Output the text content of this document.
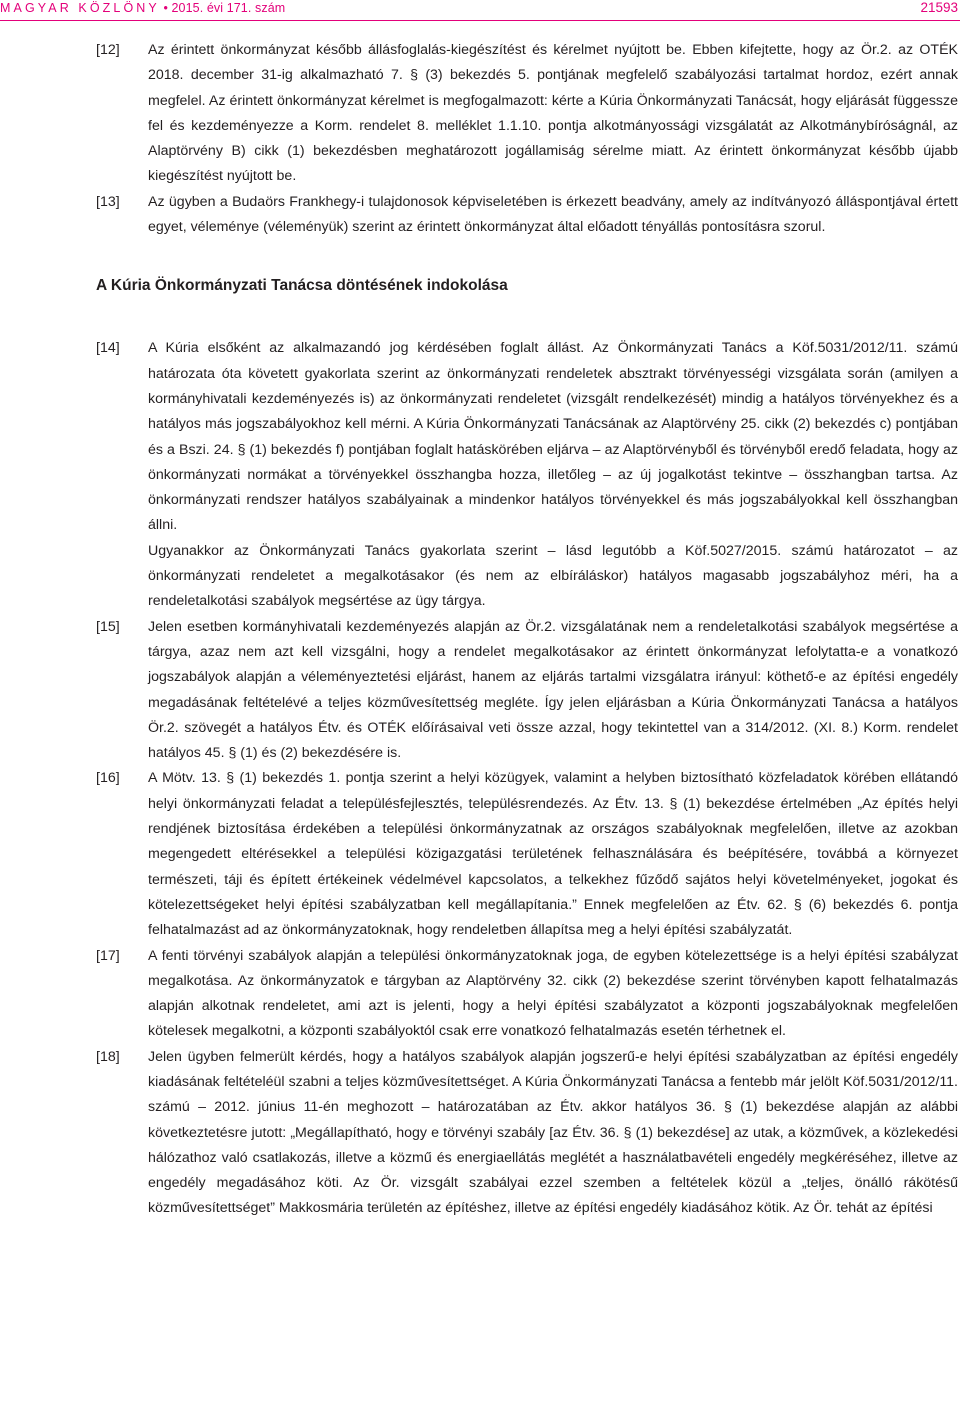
MAGYAR KÖZLÖNY • 2015. évi 171. szám	21593
[12] Az érintett önkormányzat később állásfoglalás-kiegészítést és kérelmet nyújtott be. Ebben kifejtette, hogy az Ör.2. az OTÉK 2018. december 31-ig alkalmazható 7. § (3) bekezdés 5. pontjának megfelelő szabályozási tartalmat hordoz, ezért annak megfelel. Az érintett önkormányzat kérelmet is megfogalmazott: kérte a Kúria Önkormányzati Tanácsát, hogy eljárását függessze fel és kezdeményezze a Korm. rendelet 8. melléklet 1.1.10. pontja alkotmányossági vizsgálatát az Alkotmánybíróságnál, az Alaptörvény B) cikk (1) bekezdésben meghatározott jogállamiság sérelme miatt. Az érintett önkormányzat később újabb kiegészítést nyújtott be.

[13] Az ügyben a Budaörs Frankhegy-i tulajdonosok képviseletében is érkezett beadvány, amely az indítványozó álláspontjával értett egyet, véleménye (véleményük) szerint az érintett önkormányzat által előadott tényállás pontosításra szorul.

A Kúria Önkormányzati Tanácsa döntésének indokolása
[14] A Kúria elsőként az alkalmazandó jog kérdésében foglalt állást. Az Önkormányzati Tanács a Köf.5031/2012/11. számú határozata óta követett gyakorlata szerint az önkormányzati rendeletek absztrakt törvényességi vizsgálata során (amilyen a kormányhivatali kezdeményezés is) az önkormányzati rendeletet (vizsgált rendelkezését) mindig a hatályos törvényekhez és a hatályos más jogszabályokhoz kell mérni. A Kúria Önkormányzati Tanácsának az Alaptörvény 25. cikk (2) bekezdés c) pontjában és a Bszi. 24. § (1) bekezdés f) pontjában foglalt hatáskörében eljárva – az Alaptörvényből és törvényből eredő feladata, hogy az önkormányzati normákat a törvényekkel összhangba hozza, illetőleg – az új jogalkotást tekintve – összhangban tartsa. Az önkormányzati rendszer hatályos szabályainak a mindenkor hatályos törvényekkel és más jogszabályokkal kell összhangban állni.

Ugyanakkor az Önkormányzati Tanács gyakorlata szerint – lásd legutóbb a Köf.5027/2015. számú határozatot – az önkormányzati rendeletet a megalkotásakor (és nem az elbíráláskor) hatályos magasabb jogszabályhoz méri, ha a rendeletalkotási szabályok megsértése az ügy tárgya.

[15] Jelen esetben kormányhivatali kezdeményezés alapján az Ör.2. vizsgálatának nem a rendeletalkotási szabályok megsértése a tárgya, azaz nem azt kell vizsgálni, hogy a rendelet megalkotásakor az érintett önkormányzat lefolytatta-e a vonatkozó jogszabályok alapján a véleményeztetési eljárást, hanem az eljárás tartalmi vizsgálatra irányul: köthető-e az építési engedély megadásának feltételévé a teljes közművesítettség megléte. Így jelen eljárásban a Kúria Önkormányzati Tanácsa a hatályos Ör.2. szövegét a hatályos Étv. és OTÉK előírásaival veti össze azzal, hogy tekintettel van a 314/2012. (XI. 8.) Korm. rendelet hatályos 45. § (1) és (2) bekezdésére is.

[16] A Mötv. 13. § (1) bekezdés 1. pontja szerint a helyi közügyek, valamint a helyben biztosítható közfeladatok körében ellátandó helyi önkormányzati feladat a településfejlesztés, településrendezés. Az Étv. 13. § (1) bekezdése értelmében „Az építés helyi rendjének biztosítása érdekében a települési önkormányzatnak az országos szabályoknak megfelelően, illetve az azokban megengedett eltérésekkel a települési közigazgatási területének felhasználására és beépítésére, továbbá a környezet természeti, táji és épített értékeinek védelmével kapcsolatos, a telkekhez fűződő sajátos helyi követelményeket, jogokat és kötelezettségeket helyi építési szabályzatban kell megállapítania.” Ennek megfelelően az Étv. 62. § (6) bekezdés 6. pontja felhatalmazást ad az önkormányzatoknak, hogy rendeletben állapítsa meg a helyi építési szabályzatát.

[17] A fenti törvényi szabályok alapján a települési önkormányzatoknak joga, de egyben kötelezettsége is a helyi építési szabályzat megalkotása. Az önkormányzatok e tárgyban az Alaptörvény 32. cikk (2) bekezdése szerint törvényben kapott felhatalmazás alapján alkotnak rendeletet, ami azt is jelenti, hogy a helyi építési szabályzatot a központi jogszabályoknak megfelelően kötelesek megalkotni, a központi szabályoktól csak erre vonatkozó felhatalmazás esetén térhetnek el.

[18] Jelen ügyben felmerült kérdés, hogy a hatályos szabályok alapján jogszerű-e helyi építési szabályzatban az építési engedély kiadásának feltételéül szabni a teljes közművesítettséget. A Kúria Önkormányzati Tanácsa a fentebb már jelölt Köf.5031/2012/11. számú – 2012. június 11-én meghozott – határozatában az Étv. akkor hatályos 36. § (1) bekezdése alapján az alábbi következtetésre jutott: „Megállapítható, hogy e törvényi szabály [az Étv. 36. § (1) bekezdése] az utak, a közművek, a közlekedési hálózathoz való csatlakozás, illetve a közmű és energiaellátás meglétét a használatbavételi engedély megkéréséhez, illetve az engedély megadásához köti. Az Ör. vizsgált szabályai ezzel szemben a feltételek közül a „teljes, önálló rákötésű közművesítettséget” Makkosmária területén az építéshez, illetve az építési engedély kiadásához kötik. Az Ör. tehát az építési
